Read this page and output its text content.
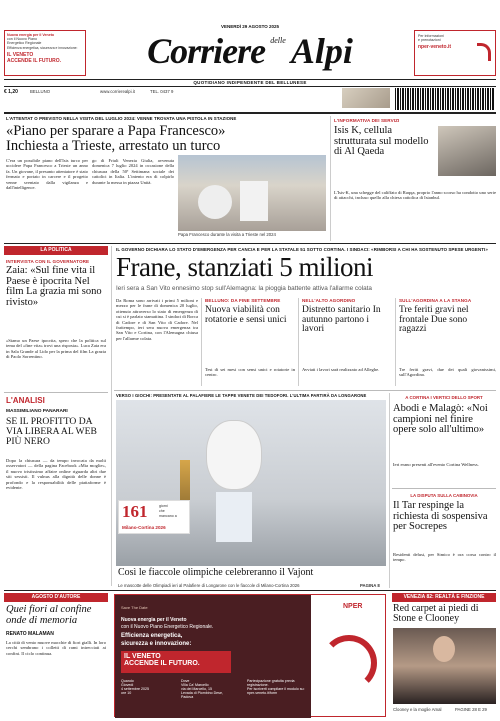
Nuova energia per il Veneto
con il Nuovo Piano
Energetico Regionale
Efficienza energetica, sicurezza e innovazione:
IL VENETO
ACCENDE IL FUTURO.
VENERDÌ 29 AGOSTO 2025
Corriere $^{delle}$ Alpi	Per informazioni
e prenotazioni
nper-veneto.it
QUOTIDIANO INDIPENDENTE DEL BELLUNESE
€ 1,20	BELLUNO	www.corrierealpi.it	TEL. 0437 9
L'ATTENTAT O PREVISTO NELLA VISITA DEL LUGLIO 2024: VENNE TROVATA UNA PISTOLA IN STAZIONE
«Piano per sparare a Papa Francesco» Inchiesta a Trieste, arrestato un turco
C'era un possibile piano dell'Isis turco per uccidere Papa Francesco a Trieste un anno fa. Un giovane, il presunto attentatore è stato fermato e portato in carcere e il progetto venne sventato dalla vigilanza e dall'intelligence.
go di Friuli Venezia Giulia, avvenuta domenica 7 luglio 2024 in occasione della chiusura della 50ª Settimana sociale dei cattolici in Italia. L'intento era di colpirlo durante la messa in piazza Unità.
Papa Francesco durante la visita a Trieste nel 2024
L'INFORMATIVA DEI SERVIZI
Isis K, cellula strutturata sul modello di Al Qaeda
L'Isis-K, una schegge del califfato di Raqqa, proprio l'anno scorso ha condotto uno serie di attacchi, incluso quello alla chiesa cattolica di Istanbul.
LA POLITICA
INTERVISTA CON IL GOVERNATORE
Zaia: «Sul fine vita il Paese è ipocrita Nel film La grazia mi sono rivisto»
«Siamo un Paese ipocrita, spero che la politica sul tema del «fine vita» trovi una risposta». Luca Zaia era in Sala Grande al Lido per la prima del film La grazia di Paolo Sorrentino.
L'ANALISI
MASSIMILIANO PANARARI
SE IL PROFITTO DA VIA LIBERA AL WEB PIÙ NERO
Dopo la chiusura — da tempo invocata da molti osservatori — della pagina Facebook «Mia moglie», il nuovo tristissimo affaire online riguarda altri due siti sessisti. Il vulnus alla dignità delle donne è profondo e la responsabilità delle piattaforme è evidente.
IL GOVERNO DICHIARA LO STATO D'EMERGENZA PER CANCIA E PER LA STATALE 51 SOTTO CORTINA. I SINDACI: «RIMBORSI A CHI HA SOSTENUTO SPESE URGENTI»
Frane, stanziati 5 milioni
Ieri sera a San Vito ennesimo stop sull'Alemagna: la pioggia battente attiva l'allarme colata
Da Roma sono arrivati i primi 5 milioni e mezzo per le frane di domenica 20 luglio, ottenuto attraverso lo stato di emergenza di cui si è parlato stamattina. I sindaci di Borca di Cadore e di San Vito di Cadore. Nel frattempo, ieri sera nuova emergenza tra San Vito e Cortina, con l'Alemagna chiusa per l'allarme colata.
BELLUNO: DA FINE SETTEMBRE
Nuova viabilità con rotatorie e sensi unici
Test di sei mesi con sensi unici e rotatorie in centro.
NELL'ALTO AGORDINO
Distretto sanitario In autunno partono i lavori
Avviati i lavori sarà realizzato ad Alleghe.
SULL'AGORDINA A LA STANGA
Tre feriti gravi nel frontale Due sono ragazzi
Tre feriti gravi, due dei quali giovanissimi, sull'Agordina.
VERSO I GIOCHI: PRESENTATE AL PALAFIERE LE TAPPE VENETE DEI TEDOFORI. L'ULTIMA PARTIRÀ DA LONGARONE
161	giorni
che
mancano a
Milano-Cortina 2026
Così le fiaccole olimpiche celebreranno il Vajont
Le mascotte delle Olimpiadi ieri al Palafiere di Longarone con le fiaccole di Milano-Cortina 2026	PAGINA 8
A CORTINA I VERTICI DELLO SPORT
Abodi e Malagò: «Noi campioni nel finire opere solo all'ultimo»
Ieri erano presenti all'evento Cortina Wellness.
LA DISPUTA SULLA CABINOVIA
Il Tar respinge la richiesta di sospensiva per Socrepes
Residenti delusi, per Simico è ora corsa contro il tempo.
AGOSTO D'AUTORE
Quei fiori al confine onde di memoria
RENATO MALAMAN
La città di vento muove macchie di fiori gialli. In loro cerchi sembrano i colletti di rami intrecciati ai confini. Il ciclo continua.
Save The Date
Nuova energia per il Veneto
con il Nuovo Piano Energetico Regionale.
Efficienza energetica,
sicurezza e innovazione:
IL VENETO
ACCENDE IL FUTURO.
Quando
Giovedì
4 settembre 2025
ore 10
Dove
Villa Ca' Marcello
via dei Marcello, 15
Levada di Piombino Dese,
Padova
Partecipazione gratuita previa registrazione.
Per iscriverti compilare il modulo su:
nper-veneto.it/form
NPER
VENEZIA 82: REALTÀ E FINZIONE
Red carpet ai piedi di Stone e Clooney
Clooney e la moglie Amal	PAGINE 28 E 29
